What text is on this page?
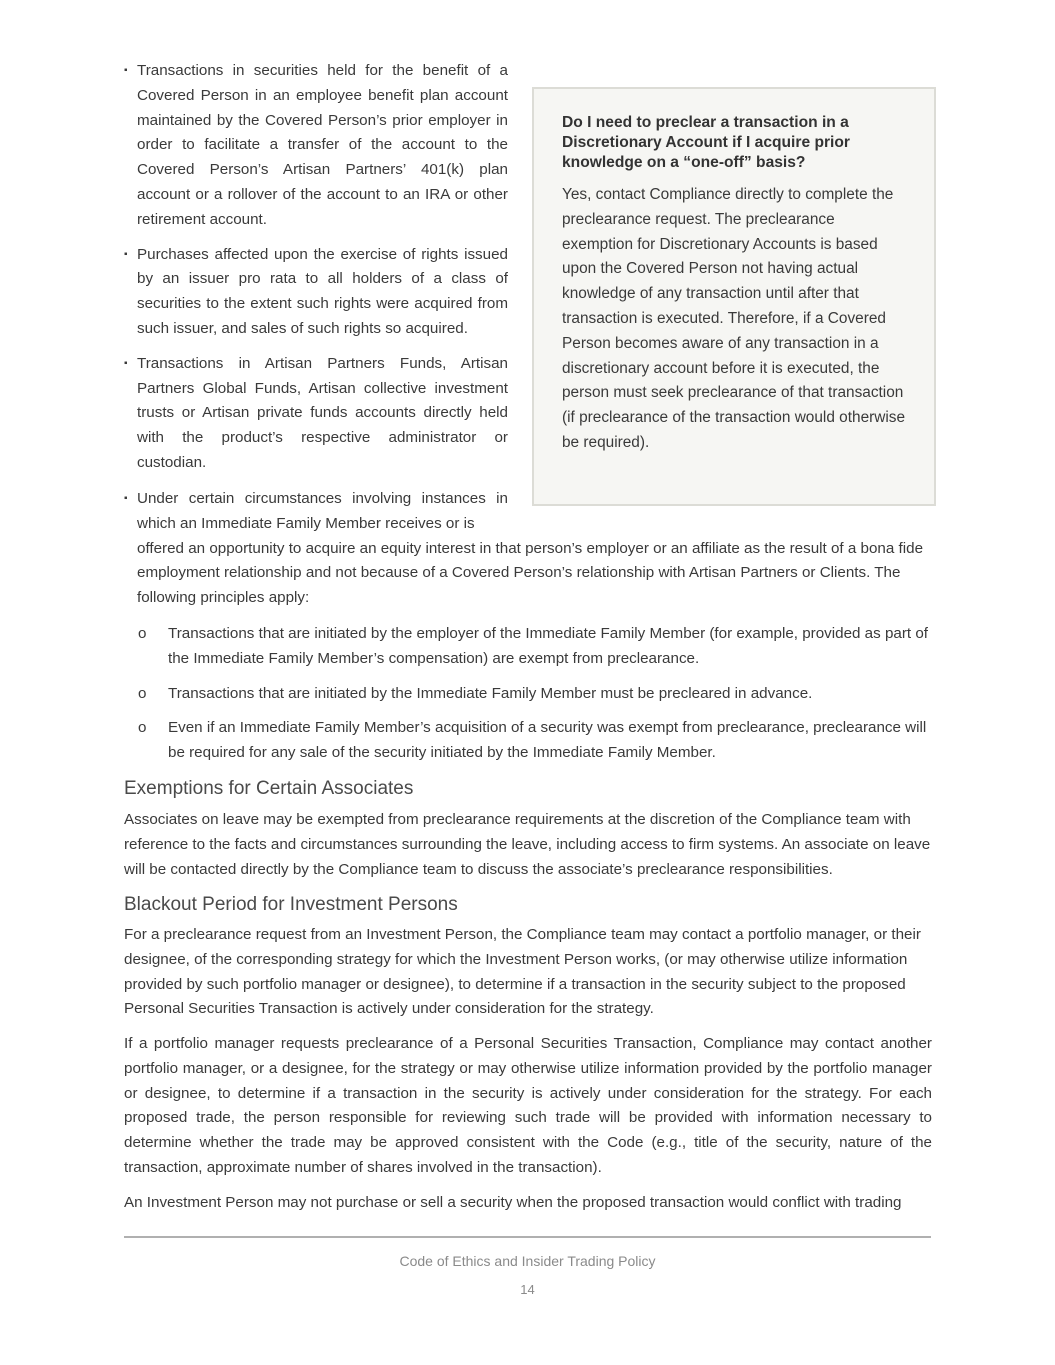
▪ Transactions in securities held for the benefit of a Covered Person in an employee benefit plan account maintained by the Covered Person’s prior employer in order to facilitate a transfer of the account to the Covered Person’s Artisan Partners’ 401(k) plan account or a rollover of the account to an IRA or other retirement account.
▪ Purchases affected upon the exercise of rights issued by an issuer pro rata to all holders of a class of securities to the extent such rights were acquired from such issuer, and sales of such rights so acquired.
▪ Transactions in Artisan Partners Funds, Artisan Partners Global Funds, Artisan collective investment trusts or Artisan private funds accounts directly held with the product’s respective administrator or custodian.
Do I need to preclear a transaction in a Discretionary Account if I acquire prior knowledge on a “one-off” basis?
Yes, contact Compliance directly to complete the preclearance request. The preclearance exemption for Discretionary Accounts is based upon the Covered Person not having actual knowledge of any transaction until after that transaction is executed. Therefore, if a Covered Person becomes aware of any transaction in a discretionary account before it is executed, the person must seek preclearance of that transaction (if preclearance of the transaction would otherwise be required).
▪ Under certain circumstances involving instances in which an Immediate Family Member receives or is
offered an opportunity to acquire an equity interest in that person’s employer or an affiliate as the result of a bona fide employment relationship and not because of a Covered Person’s relationship with Artisan Partners or Clients. The following principles apply:
o Transactions that are initiated by the employer of the Immediate Family Member (for example, provided as part of the Immediate Family Member’s compensation) are exempt from preclearance.
o Transactions that are initiated by the Immediate Family Member must be precleared in advance.
o Even if an Immediate Family Member’s acquisition of a security was exempt from preclearance, preclearance will be required for any sale of the security initiated by the Immediate Family Member.
Exemptions for Certain Associates
Associates on leave may be exempted from preclearance requirements at the discretion of the Compliance team with reference to the facts and circumstances surrounding the leave, including access to firm systems. An associate on leave will be contacted directly by the Compliance team to discuss the associate’s preclearance responsibilities.
Blackout Period for Investment Persons
For a preclearance request from an Investment Person, the Compliance team may contact a portfolio manager, or their designee, of the corresponding strategy for which the Investment Person works, (or may otherwise utilize information provided by such portfolio manager or designee), to determine if a transaction in the security subject to the proposed Personal Securities Transaction is actively under consideration for the strategy.
If a portfolio manager requests preclearance of a Personal Securities Transaction, Compliance may contact another portfolio manager, or a designee, for the strategy or may otherwise utilize information provided by the portfolio manager or designee, to determine if a transaction in the security is actively under consideration for the strategy. For each proposed trade, the person responsible for reviewing such trade will be provided with information necessary to determine whether the trade may be approved consistent with the Code (e.g., title of the security, nature of the transaction, approximate number of shares involved in the transaction).
An Investment Person may not purchase or sell a security when the proposed transaction would conflict with trading
Code of Ethics and Insider Trading Policy
14
